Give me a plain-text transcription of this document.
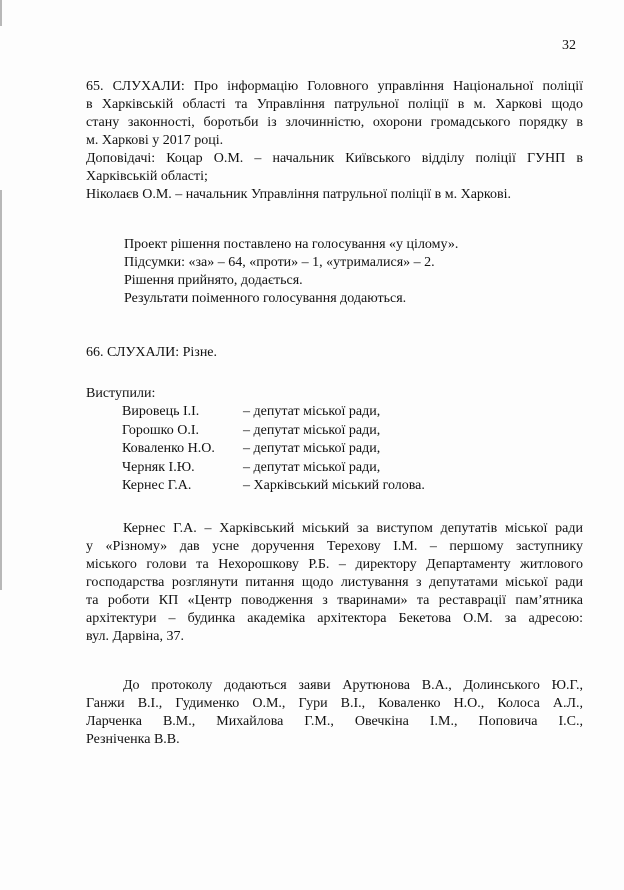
32
65. СЛУХАЛИ: Про інформацію Головного управління Національної поліції
в Харківській області та Управління патрульної поліції в м. Харкові щодо
стану законності, боротьби із злочинністю, охорони громадського порядку в
м. Харкові у 2017 році.
Доповідачі: Коцар О.М. – начальник Київського відділу поліції ГУНП в
Харківській області;
Ніколаєв О.М. – начальник Управління патрульної поліції в м. Харкові.
Проект рішення поставлено на голосування «у цілому».
Підсумки: «за» – 64, «проти» – 1, «утрималися» – 2.
Рішення прийнято, додається.
Результати поіменного голосування додаються.
66. СЛУХАЛИ: Різне.
Виступили:
Вировець І.І.	– депутат міської ради,
Горошко О.І.	– депутат міської ради,
Коваленко Н.О.	– депутат міської ради,
Черняк І.Ю.	– депутат міської ради,
Кернес Г.А.	– Харківський міський голова.
Кернес Г.А. – Харківський міський за виступом депутатів міської ради
у «Різному» дав усне доручення Терехову І.М. – першому заступнику
міського голови та Нехорошкову Р.Б. – директору Департаменту житлового
господарства розглянути питання щодо листування з депутатами міської ради
та роботи КП «Центр поводження з тваринами» та реставрації пам’ятника
архітектури – будинка академіка архітектора Бекетова О.М. за адресою:
вул. Дарвіна, 37.
До протоколу додаються заяви Арутюнова В.А., Долинського Ю.Г.,
Ганжи В.І., Гудименко О.М., Гури В.І., Коваленко Н.О., Колоса А.Л.,
Ларченка В.М., Михайлова Г.М., Овечкіна І.М., Поповича І.С.,
Резніченка В.В.
